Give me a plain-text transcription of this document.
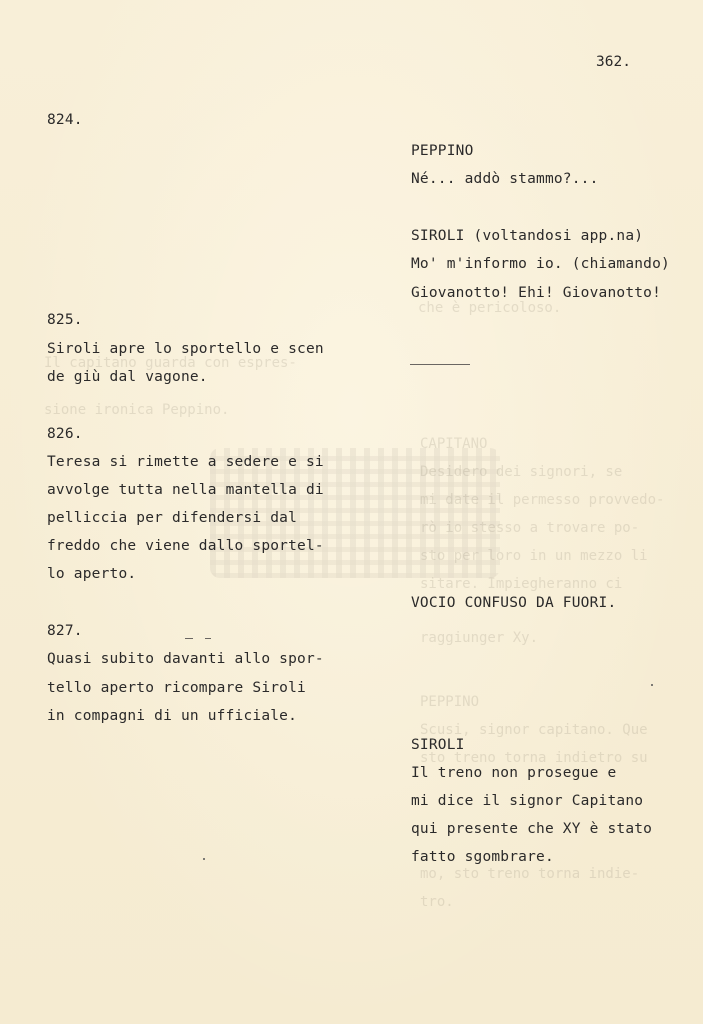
che è pericoloso.
Il capitano guarda con espres-
sione ironica Peppino.
CAPITANO
Desidero dei signori, se
mi date il permesso provvedo-
rò io stesso a trovare po-
sto per loro in un mezzo li
sitare. Impiegheranno ci
raggiunger Xy.
PEPPINO
Scusi, signor capitano. Que
sto treno torna indietro su
mo, sto treno torna indie-
tro.
362.
824.
825.
Siroli apre lo sportello e scen
de giù dal vagone.
826.
Teresa si rimette a sedere e si
avvolge tutta nella mantella di
pelliccia per difendersi dal
freddo che viene dallo sportel-
lo aperto.
827.
Quasi subito davanti allo spor-
tello aperto ricompare Siroli
in compagni di un ufficiale.
PEPPINO
Né... addò stammo?...
SIROLI (voltandosi app.na)
Mo' m'informo io. (chiamando)
Giovanotto! Ehi! Giovanotto!
VOCIO CONFUSO DA FUORI.
SIROLI
Il treno non prosegue e
mi dice il signor Capitano
qui presente che XY è stato
fatto sgombrare.
